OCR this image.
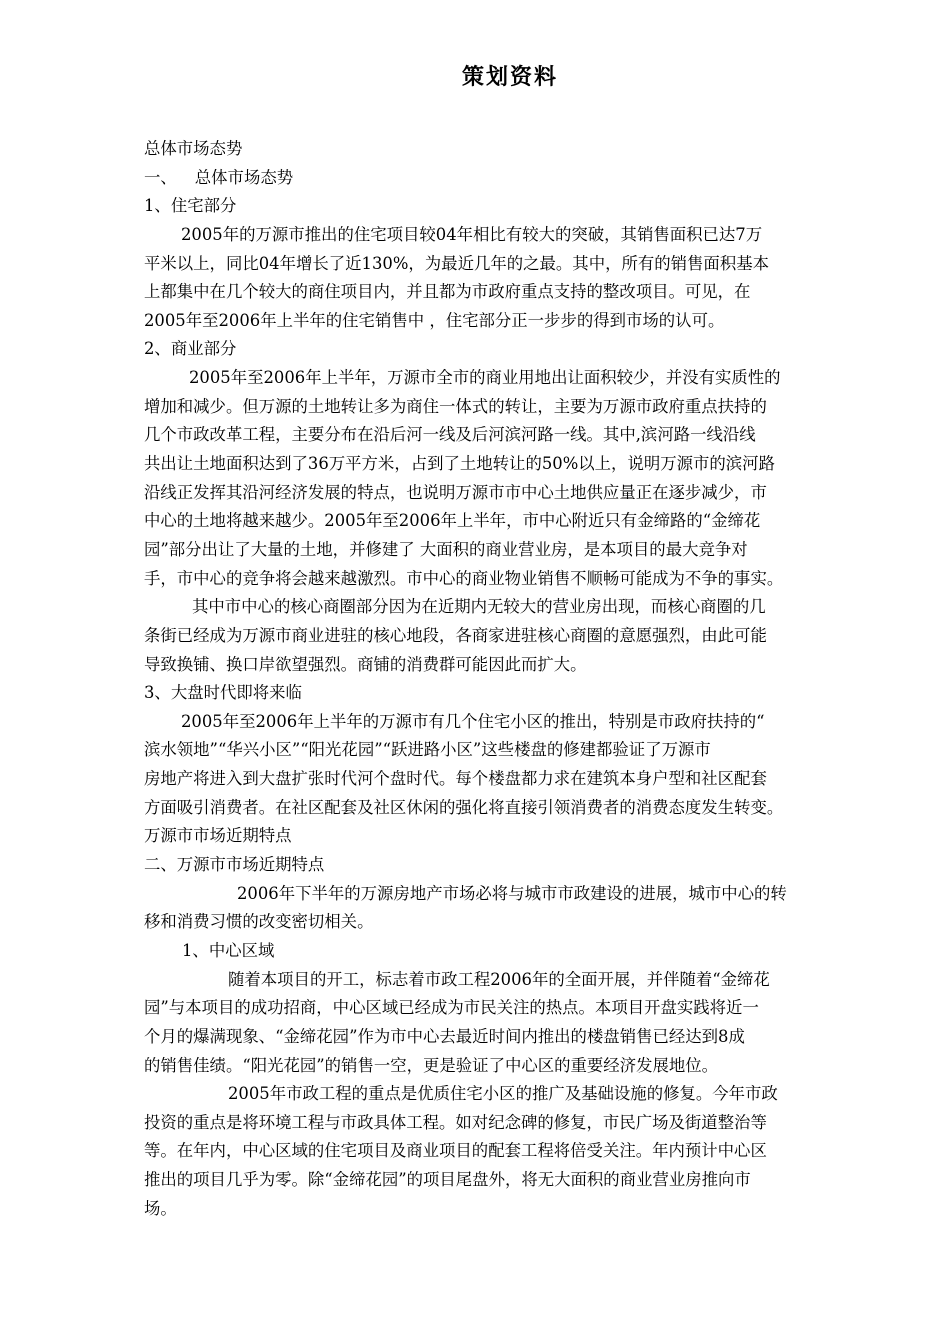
策划资料
总体市场态势
一、 总体市场态势
1、住宅部分
2005年的万源市推出的住宅项目较04年相比有较大的突破，其销售面积已达7万
平米以上，同比04年增长了近130%，为最近几年的之最。其中，所有的销售面积基本
上都集中在几个较大的商住项目内，并且都为市政府重点支持的整改项目。可见，在
2005年至2006年上半年的住宅销售中 ，住宅部分正一步步的得到市场的认可。
2、商业部分
2005年至2006年上半年，万源市全市的商业用地出让面积较少，并没有实质性的
增加和减少。但万源的土地转让多为商住一体式的转让，主要为万源市政府重点扶持的
几个市政改革工程，主要分布在沿后河一线及后河滨河路一线。其中,滨河路一线沿线
共出让土地面积达到了36万平方米，占到了土地转让的50%以上，说明万源市的滨河路
沿线正发挥其沿河经济发展的特点，也说明万源市市中心土地供应量正在逐步减少，市
中心的土地将越来越少。2005年至2006年上半年，市中心附近只有金缔路的“金缔花
园”部分出让了大量的土地，并修建了 大面积的商业营业房，是本项目的最大竞争对
手，市中心的竞争将会越来越激烈。市中心的商业物业销售不顺畅可能成为不争的事实。
其中市中心的核心商圈部分因为在近期内无较大的营业房出现，而核心商圈的几
条街已经成为万源市商业进驻的核心地段，各商家进驻核心商圈的意愿强烈，由此可能
导致换铺、换口岸欲望强烈。商铺的消费群可能因此而扩大。
3、大盘时代即将来临
2005年至2006年上半年的万源市有几个住宅小区的推出，特别是市政府扶持的“
滨水领地”“华兴小区”“阳光花园”“跃进路小区”这些楼盘的修建都验证了万源市
房地产将进入到大盘扩张时代河个盘时代。每个楼盘都力求在建筑本身户型和社区配套
方面吸引消费者。在社区配套及社区休闲的强化将直接引领消费者的消费态度发生转变。
万源市市场近期特点
二、万源市市场近期特点
2006年下半年的万源房地产市场必将与城市市政建设的进展，城市中心的转
移和消费习惯的改变密切相关。
1、中心区域
随着本项目的开工，标志着市政工程2006年的全面开展，并伴随着“金缔花
园”与本项目的成功招商，中心区域已经成为市民关注的热点。本项目开盘实践将近一
个月的爆满现象、“金缔花园”作为市中心去最近时间内推出的楼盘销售已经达到8成
的销售佳绩。“阳光花园”的销售一空，更是验证了中心区的重要经济发展地位。
2005年市政工程的重点是优质住宅小区的推广及基础设施的修复。今年市政
投资的重点是将环境工程与市政具体工程。如对纪念碑的修复，市民广场及街道整治等
等。在年内，中心区域的住宅项目及商业项目的配套工程将倍受关注。年内预计中心区
推出的项目几乎为零。除“金缔花园”的项目尾盘外，将无大面积的商业营业房推向市
场。
